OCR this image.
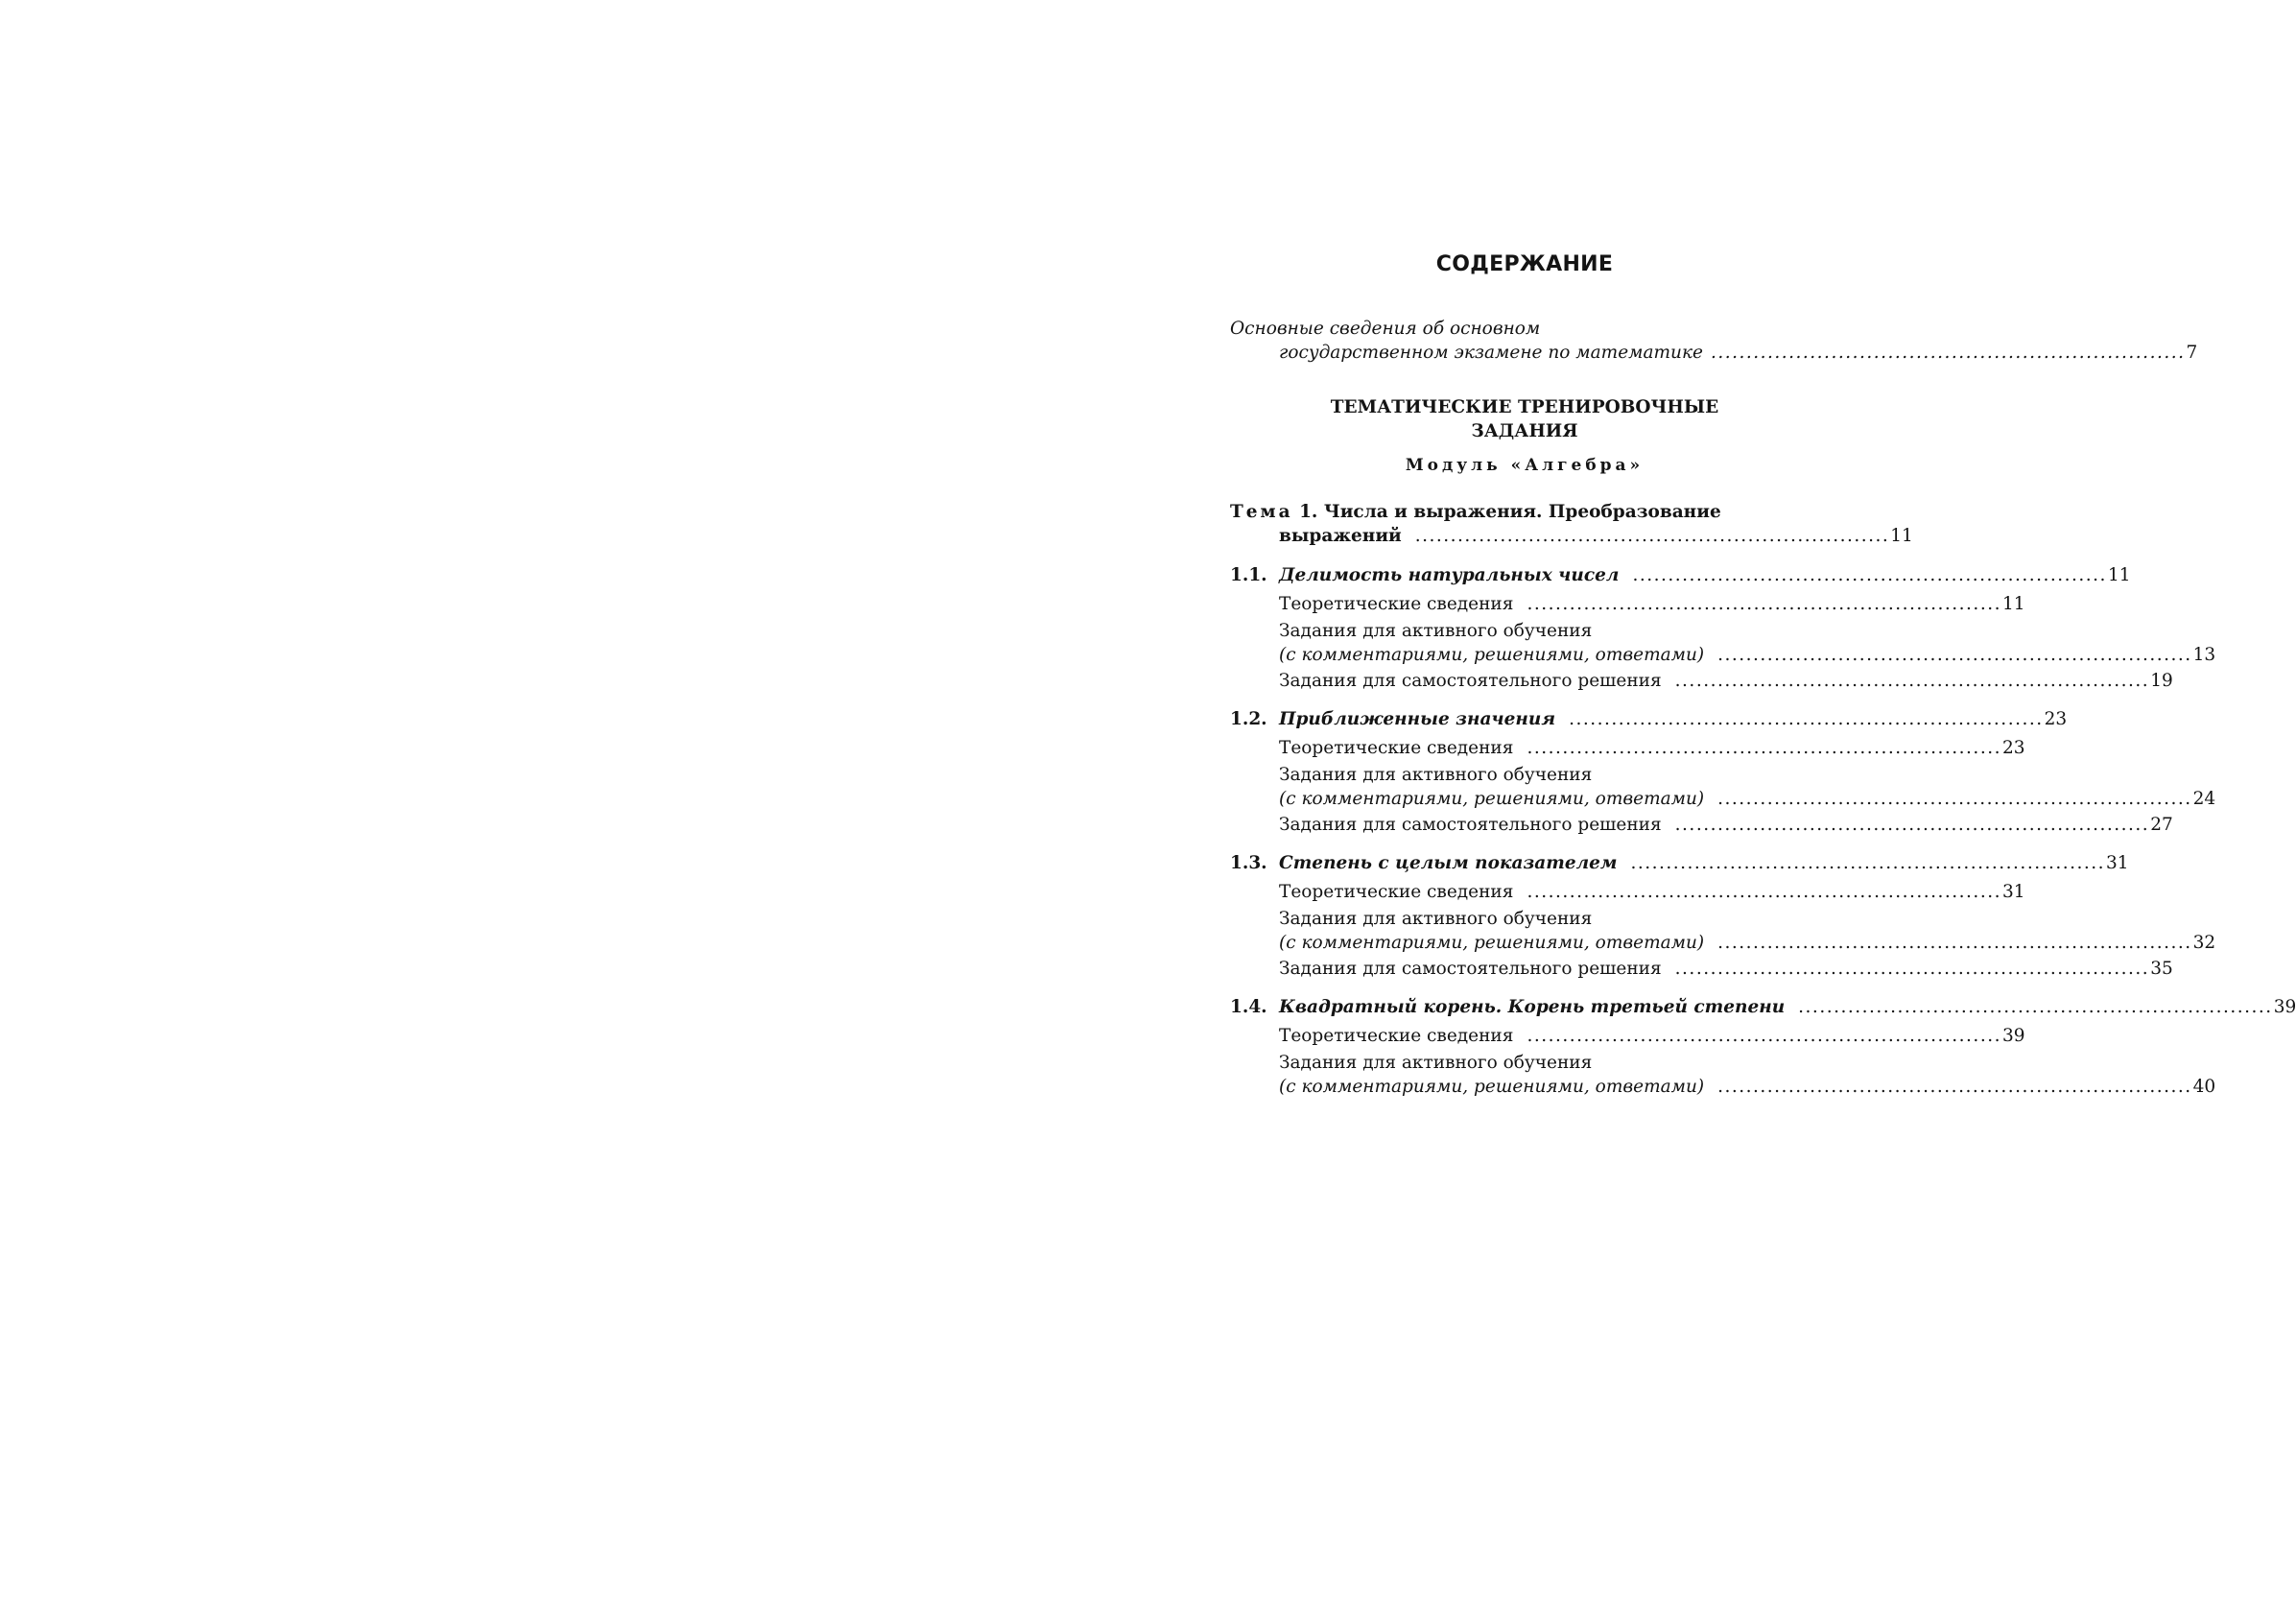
СОДЕРЖАНИЕ
Основные сведения об основном
государственном экзамене по математике ................................................................... 7
ТЕМАТИЧЕСКИЕ ТРЕНИРОВОЧНЫЕ
ЗАДАНИЯ
Модуль «Алгебра»
Тема 1. Числа и выражения. Преобразование
выражений ................................................................... 11
1.1. Делимость натуральных чисел ................................................................... 11
Теоретические сведения ................................................................... 11
Задания для активного обучения
(с комментариями, решениями, ответами) ................................................................... 13
Задания для самостоятельного решения ................................................................... 19
1.2. Приближенные значения ................................................................... 23
Теоретические сведения ................................................................... 23
Задания для активного обучения
(с комментариями, решениями, ответами) ................................................................... 24
Задания для самостоятельного решения ................................................................... 27
1.3. Степень с целым показателем ................................................................... 31
Теоретические сведения ................................................................... 31
Задания для активного обучения
(с комментариями, решениями, ответами) ................................................................... 32
Задания для самостоятельного решения ................................................................... 35
1.4. Квадратный корень. Корень третьей степени ................................................................... 39
Теоретические сведения ................................................................... 39
Задания для активного обучения
(с комментариями, решениями, ответами) ................................................................... 40
